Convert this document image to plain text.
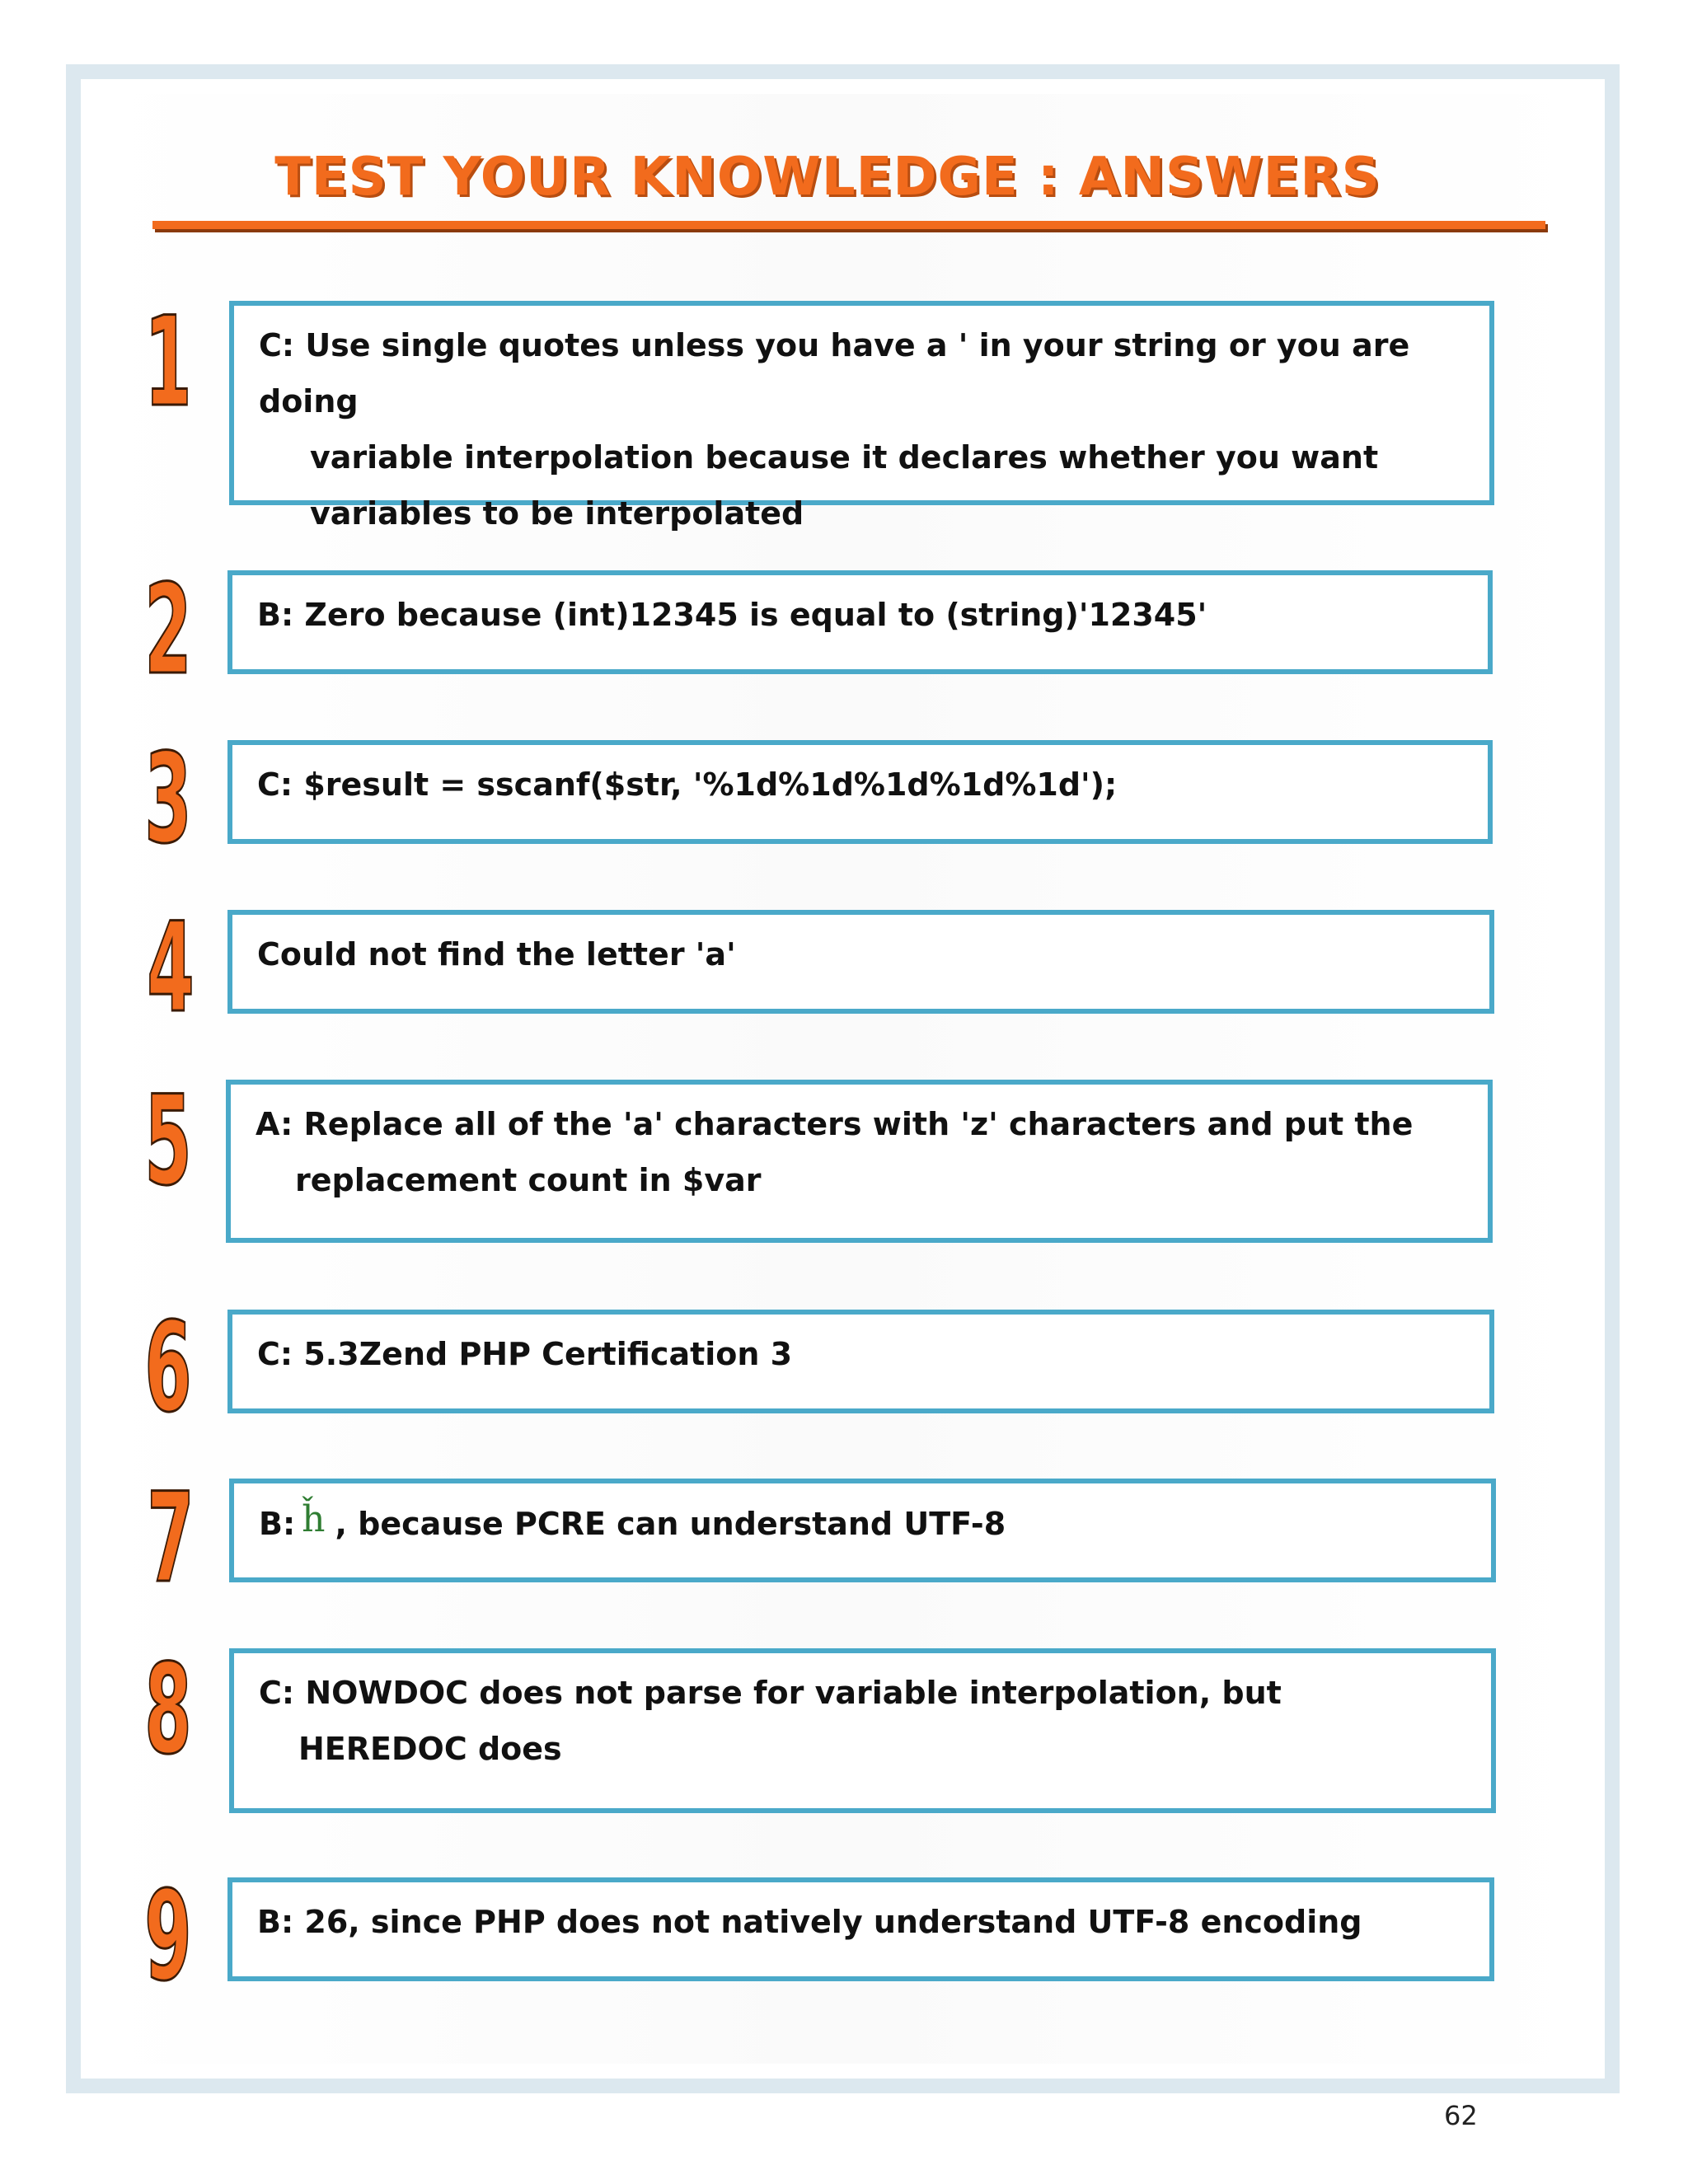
TEST YOUR KNOWLEDGE : ANSWERS
1 C: Use single quotes unless you have a ' in your string or you are doing
variable interpolation because it declares whether you want
variables to be interpolated
2 B: Zero because (int)12345 is equal to (string)'12345'
3 C: $result = sscanf($str, '%1d%1d%1d%1d%1d');
4 Could not find the letter 'a'
5 A: Replace all of the 'a' characters with 'z' characters and put the
replacement count in $var
6 C: 5.3Zend PHP Certification 3
7 B: ȟ , because PCRE can understand UTF-8
8 C: NOWDOC does not parse for variable interpolation, but
HEREDOC does
9 B: 26, since PHP does not natively understand UTF-8 encoding
62
